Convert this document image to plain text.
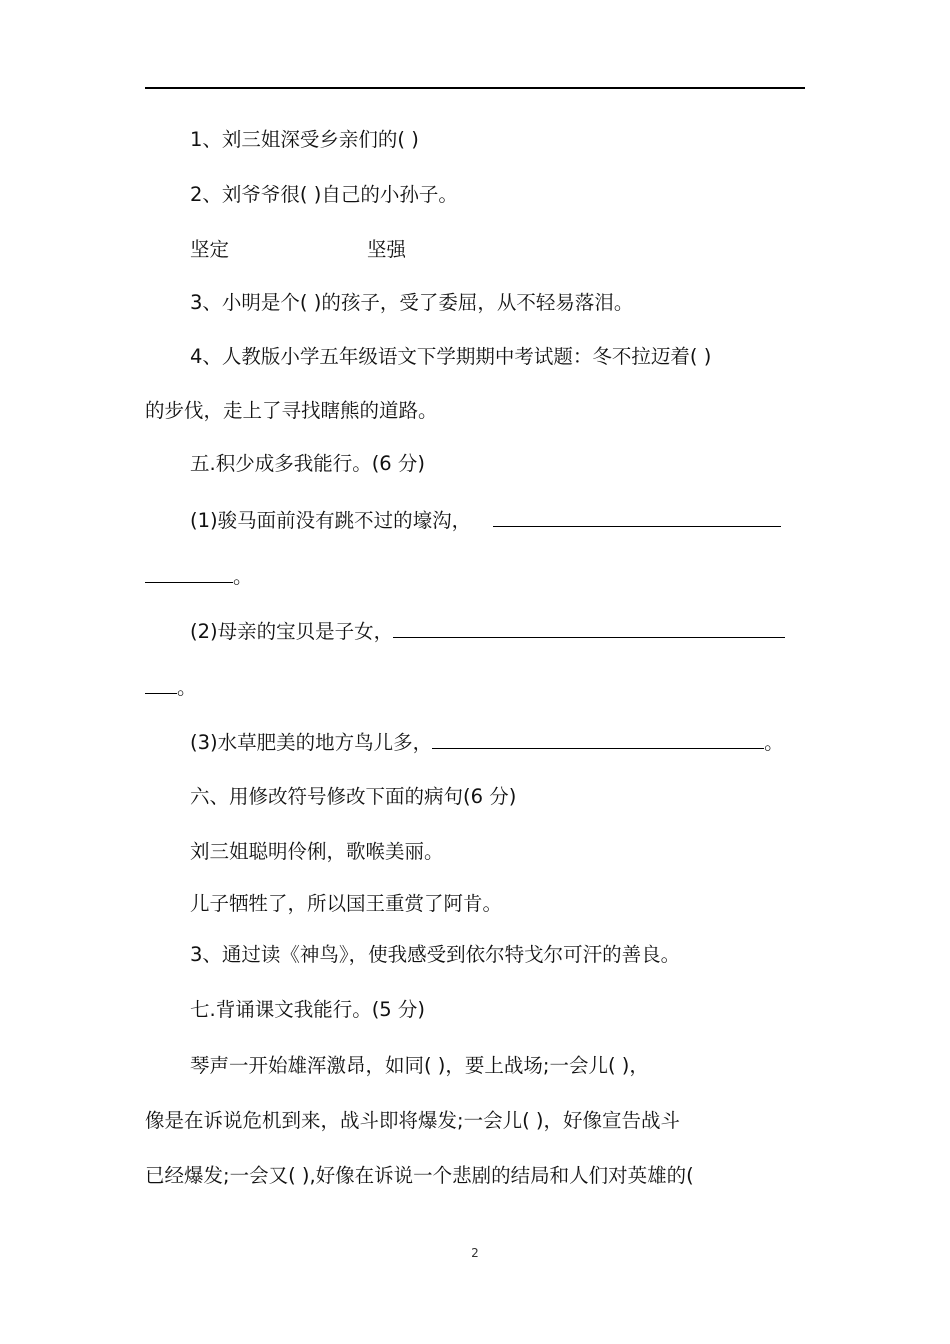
1、刘三姐深受乡亲们的( )
2、刘爷爷很( )自己的小孙子。
坚定	坚强
3、小明是个( )的孩子，受了委屈，从不轻易落泪。
4、人教版小学五年级语文下学期期中考试题：冬不拉迈着( )
的步伐，走上了寻找瞎熊的道路。
五.积少成多我能行。(6 分)
(1)骏马面前没有跳不过的壕沟，
。
(2)母亲的宝贝是子女，
。
(3)水草肥美的地方鸟儿多，	。
六、用修改符号修改下面的病句(6 分)
刘三姐聪明伶俐，歌喉美丽。
儿子牺牲了，所以国王重赏了阿肯。
3、通过读《神鸟》，使我感受到依尔特戈尔可汗的善良。
七.背诵课文我能行。(5 分)
琴声一开始雄浑激昂，如同( )，要上战场;一会儿( )，
像是在诉说危机到来，战斗即将爆发;一会儿( )，好像宣告战斗
已经爆发;一会又( ),好像在诉说一个悲剧的结局和人们对英雄的(
2
